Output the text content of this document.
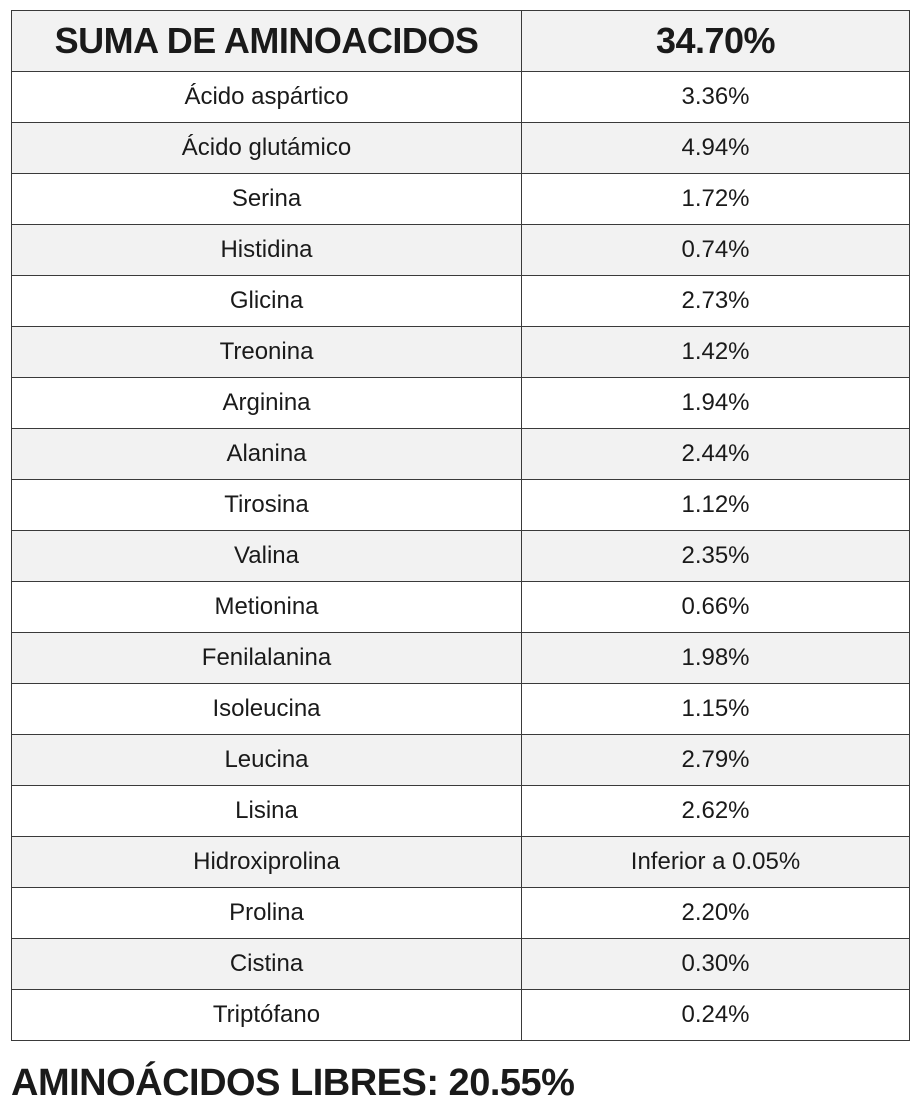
SUMA DE AMINOACIDOS	34.70%
Ácido aspártico	3.36%
Ácido glutámico	4.94%
Serina	1.72%
Histidina	0.74%
Glicina	2.73%
Treonina	1.42%
Arginina	1.94%
Alanina	2.44%
Tirosina	1.12%
Valina	2.35%
Metionina	0.66%
Fenilalanina	1.98%
Isoleucina	1.15%
Leucina	2.79%
Lisina	2.62%
Hidroxiprolina	Inferior a 0.05%
Prolina	2.20%
Cistina	0.30%
Triptófano	0.24%
AMINOÁCIDOS LIBRES: 20.55%
